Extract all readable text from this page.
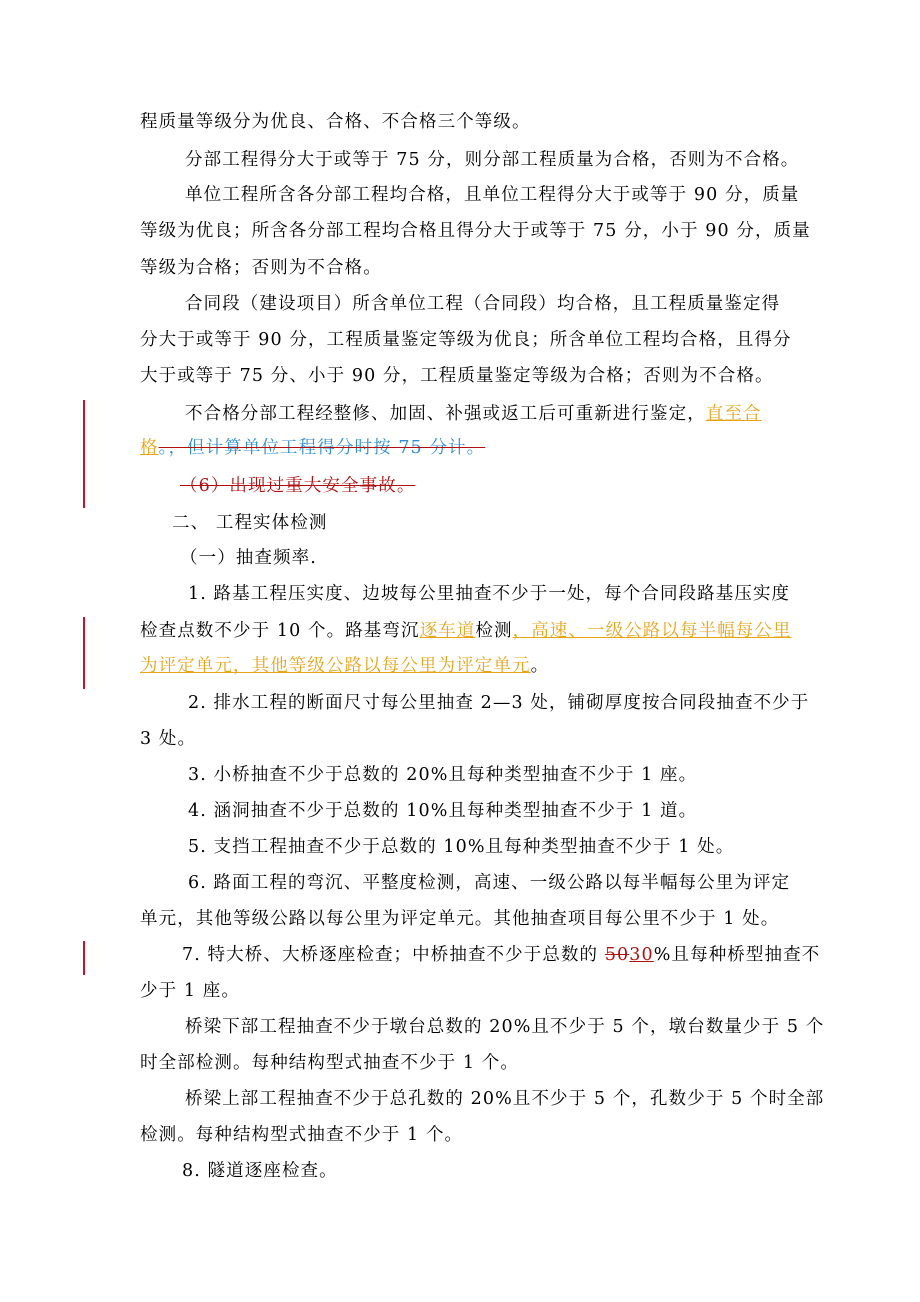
程质量等级分为优良、合格、不合格三个等级。
分部工程得分大于或等于 75 分，则分部工程质量为合格，否则为不合格。
单位工程所含各分部工程均合格，且单位工程得分大于或等于 90 分，质量
等级为优良；所含各分部工程均合格且得分大于或等于 75 分，小于 90 分，质量
等级为合格；否则为不合格。
合同段（建设项目）所含单位工程（合同段）均合格，且工程质量鉴定得
分大于或等于 90 分，工程质量鉴定等级为优良；所含单位工程均合格，且得分
大于或等于 75 分、小于 90 分，工程质量鉴定等级为合格；否则为不合格。
不合格分部工程经整修、加固、补强或返工后可重新进行鉴定，直至合
格。，但计算单位工程得分时按 75 分计。
（6）出现过重大安全事故。
二、 工程实体检测
（一）抽查频率.
1. 路基工程压实度、边坡每公里抽查不少于一处，每个合同段路基压实度
检查点数不少于 10 个。路基弯沉逐车道检测，高速、一级公路以每半幅每公里
为评定单元，其他等级公路以每公里为评定单元。
2. 排水工程的断面尺寸每公里抽查 2—3 处，铺砌厚度按合同段抽查不少于
3 处。
3. 小桥抽查不少于总数的 20%且每种类型抽查不少于 1 座。
4. 涵洞抽查不少于总数的 10%且每种类型抽查不少于 1 道。
5. 支挡工程抽查不少于总数的 10%且每种类型抽查不少于 1 处。
6. 路面工程的弯沉、平整度检测，高速、一级公路以每半幅每公里为评定
单元，其他等级公路以每公里为评定单元。其他抽查项目每公里不少于 1 处。
7. 特大桥、大桥逐座检查；中桥抽查不少于总数的 5030%且每种桥型抽查不
少于 1 座。
桥梁下部工程抽查不少于墩台总数的 20%且不少于 5 个，墩台数量少于 5 个
时全部检测。每种结构型式抽查不少于 1 个。
桥梁上部工程抽查不少于总孔数的 20%且不少于 5 个，孔数少于 5 个时全部
检测。每种结构型式抽查不少于 1 个。
8. 隧道逐座检查。
